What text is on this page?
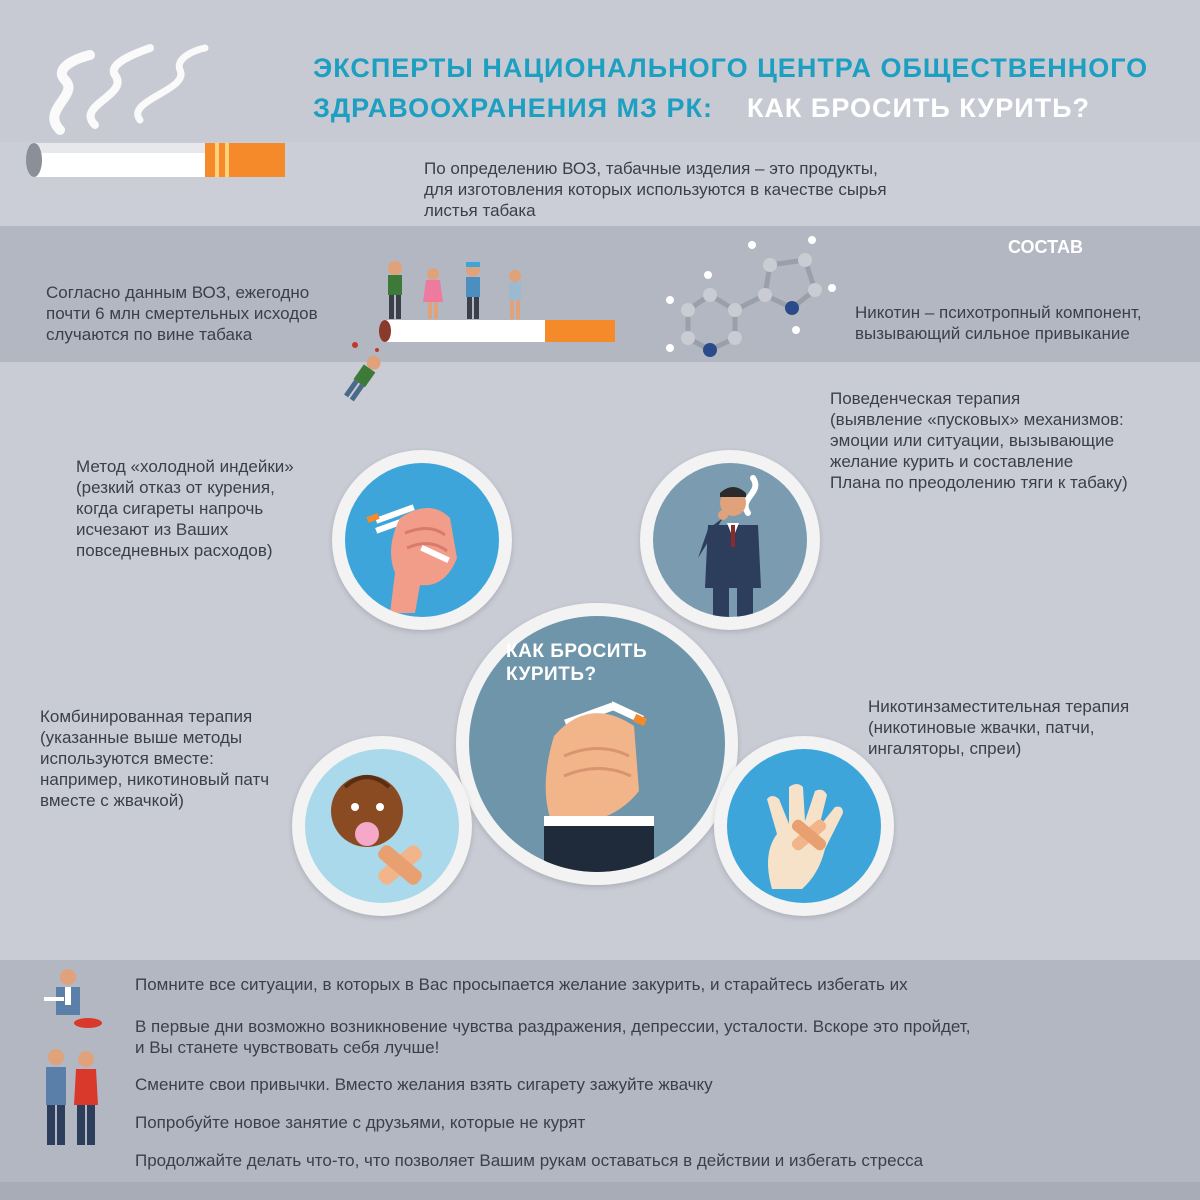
ЭКСПЕРТЫ НАЦИОНАЛЬНОГО ЦЕНТРА ОБЩЕСТВЕННОГО
ЗДРАВООХРАНЕНИЯ МЗ РК: КАК БРОСИТЬ КУРИТЬ?
По определению ВОЗ, табачные изделия – это продукты,
для изготовления которых используются в качестве сырья
листья табака
СОСТАВ
Согласно данным ВОЗ, ежегодно
почти 6 млн смертельных исходов
случаются по вине табака
Никотин – психотропный компонент,
вызывающий сильное привыкание
Метод «холодной индейки»
(резкий отказ от курения,
когда сигареты напрочь
исчезают из Ваших
повседневных расходов)
Поведенческая терапия
(выявление «пусковых» механизмов:
эмоции или ситуации, вызывающие
желание курить и составление
Плана по преодолению тяги к табаку)
Комбинированная терапия
(указанные выше методы
используются вместе:
например, никотиновый патч
вместе с жвачкой)
Никотинзаместительная терапия
(никотиновые жвачки, патчи,
ингаляторы, спреи)
КАК БРОСИТЬ
КУРИТЬ?
Помните все ситуации, в которых в Вас просыпается желание закурить, и старайтесь избегать их
В первые дни возможно возникновение чувства раздражения, депрессии, усталости. Вскоре это пройдет,
и Вы станете чувствовать себя лучше!
Смените свои привычки. Вместо желания взять сигарету зажуйте жвачку
Попробуйте новое занятие с друзьями, которые не курят
Продолжайте делать что-то, что позволяет Вашим рукам оставаться в действии и избегать стресса
